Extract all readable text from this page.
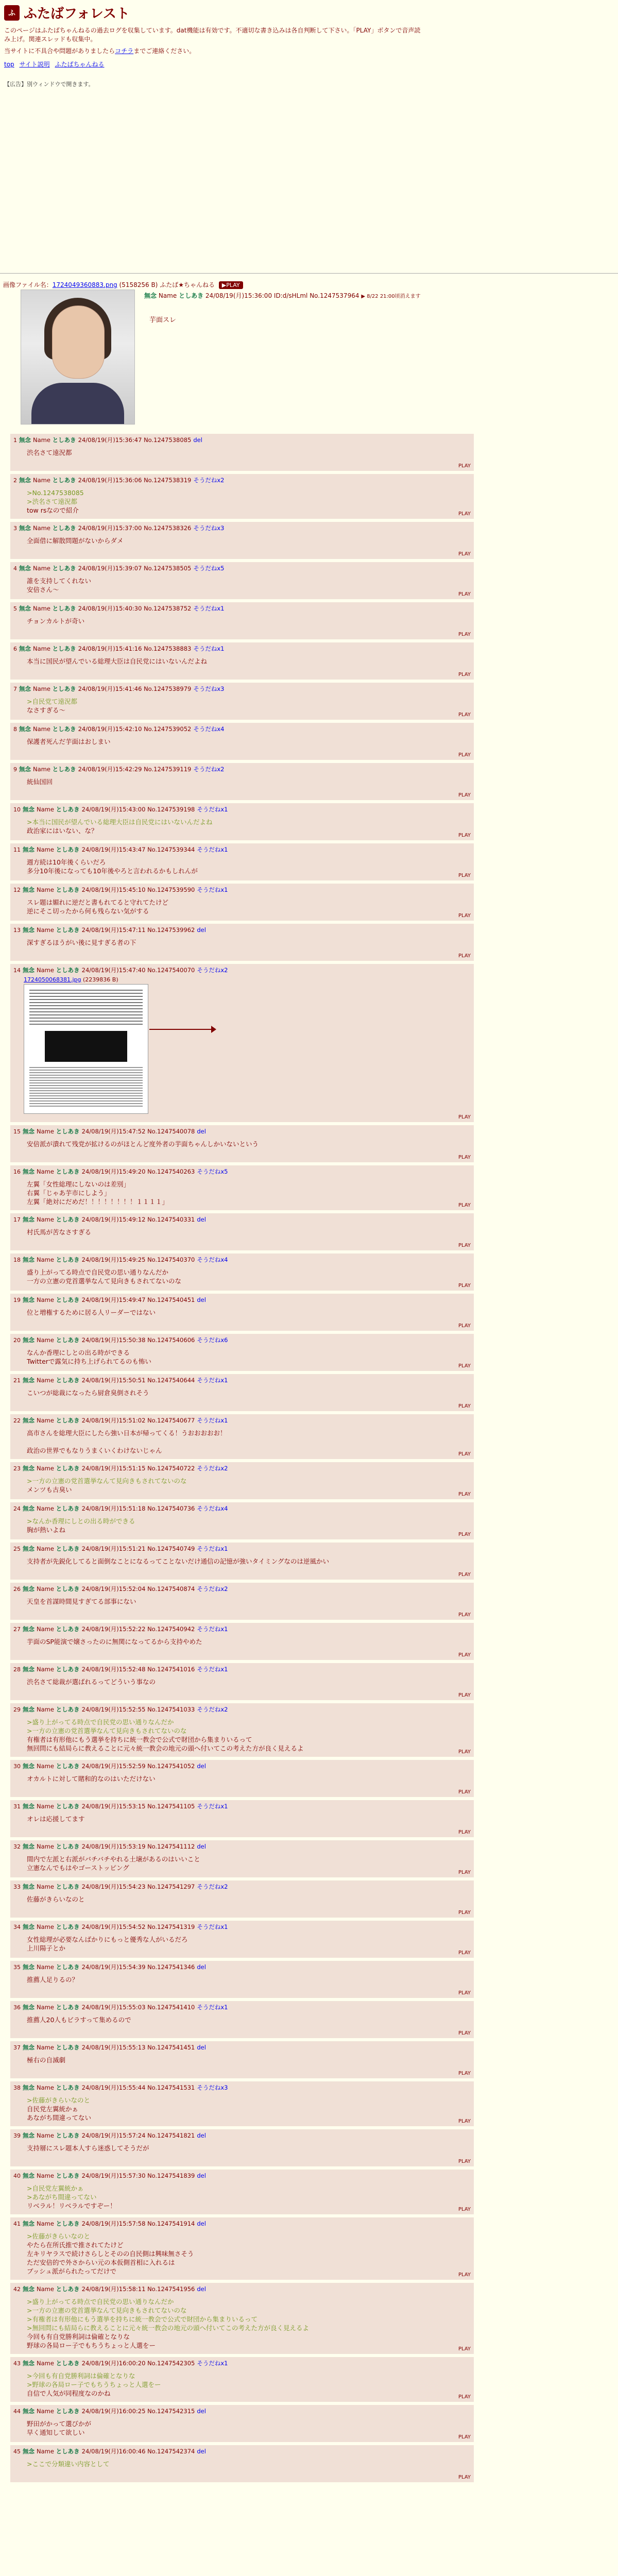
ふ ふたばフォレスト

このページはふたばちゃんねるの過去ログを収集しています。dat機能は有効です。不適切な書き込みは各自判断して下さい。「PLAY」ボタンで音声読み上げ。関連スレッドも収集中。

当サイトに不具合や問題がありましたらコチラまでご連絡ください。

top サイト説明 ふたばちゃんねる
【広告】別ウィンドウで開きます。
画像ファイル名：1724049360883.png (5158256 B) ふたば★ちゃんねる ▶PLAY
無念 Name としあき 24/08/19(月)15:36:00 ID:d/sHLml No.1247537964 ▶ 8/22 21:00頃消えます
芋面スレ
1 無念 Name としあき 24/08/19(月)15:36:47 No.1247538085 del
渋名さて遠況都
PLAY
2 無念 Name としあき 24/08/19(月)15:36:06 No.1247538319 そうだねx2
>No.1247538085
>渋名さて遠況都
tow rsなので紹介	PLAY
3 無念 Name としあき 24/08/19(月)15:37:00 No.1247538326 そうだねx3
全面借に解散問題がないからダメ
PLAY
4 無念 Name としあき 24/08/19(月)15:39:07 No.1247538505 そうだねx5
誰を支持してくれない
安倍さん～
PLAY
5 無念 Name としあき 24/08/19(月)15:40:30 No.1247538752 そうだねx1
チョンカルトが奇い
PLAY
6 無念 Name としあき 24/08/19(月)15:41:16 No.1247538883 そうだねx1
本当に国民が望んでいる総理大臣は自民党にはいないんだよね
PLAY
7 無念 Name としあき 24/08/19(月)15:41:46 No.1247538979 そうだねx3
>自民党て遠況都
なさすぎる～
PLAY
8 無念 Name としあき 24/08/19(月)15:42:10 No.1247539052 そうだねx4
保護者死んだ芋面はおしまい
PLAY
9 無念 Name としあき 24/08/19(月)15:42:29 No.1247539119 そうだねx2
統仙国回
PLAY
10 無念 Name としあき 24/08/19(月)15:43:00 No.1247539198 そうだねx1
>本当に国民が望んでいる総理大臣は自民党にはいないんだよね
政治家にはいない、な？
PLAY
11 無念 Name としあき 24/08/19(月)15:43:47 No.1247539344 そうだねx1
週方続は10年後くらいだろ
多分10年後になっても10年後やろと言われるかもしれんが
PLAY
12 無念 Name としあき 24/08/19(月)15:45:10 No.1247539590 そうだねx1
スレ題は媚れに逆だと書もれてると守れてたけど
逆にそこ切ったから何も残らない気がする
PLAY
13 無念 Name としあき 24/08/19(月)15:47:11 No.1247539962 del
深すぎるほうがい後に見すぎる者の下
PLAY
14 無念 Name としあき 24/08/19(月)15:47:40 No.1247540070 そうだねx2
1724050068381.jpg (2239836 B)
PLAY
15 無念 Name としあき 24/08/19(月)15:47:52 No.1247540078 del
安倍派が潰れて残党が拡けるのがほとんど度外者の芋面ちゃんしかいないという
PLAY
16 無念 Name としあき 24/08/19(月)15:49:20 No.1247540263 そうだねx5
左翼「女性総理にしないのは差別」
右翼「じゃあ芋市にしよう」
左翼「絶対にだめだ！！！！！！！！１１１１」	PLAY
17 無念 Name としあき 24/08/19(月)15:49:12 No.1247540331 del
村氏馬が苦なさすぎる
PLAY
18 無念 Name としあき 24/08/19(月)15:49:25 No.1247540370 そうだねx4
盛り上がってる時点で自民党の思い通りなんだか
一方の立憲の党首選挙なんて見向きもされてないのな
PLAY
19 無念 Name としあき 24/08/19(月)15:49:47 No.1247540451 del
位と増権するために居る人リーダーではない
PLAY
20 無念 Name としあき 24/08/19(月)15:50:38 No.1247540606 そうだねx6
なんか香理にしとの出る時ができる
Twitterで露気に持ち上げられてるのも怖い
PLAY
21 無念 Name としあき 24/08/19(月)15:50:51 No.1247540644 そうだねx1
こいつが総裁になったら厨倉臭倒されそう
PLAY
22 無念 Name としあき 24/08/19(月)15:51:02 No.1247540677 そうだねx1
高市さんを総理大臣にしたら強い日本が帰ってくる！うおおおおお！

政治の世界でもなりうまくいくわけないじゃん	PLAY
23 無念 Name としあき 24/08/19(月)15:51:15 No.1247540722 そうだねx2
>一方の立憲の党首選挙なんて見向きもされてないのな
メンツも古臭い
PLAY
24 無念 Name としあき 24/08/19(月)15:51:18 No.1247540736 そうだねx4
>なんか香理にしとの出る時ができる
胸が熱いよね
PLAY
25 無念 Name としあき 24/08/19(月)15:51:21 No.1247540749 そうだねx1
支持者が先鋭化してると面倒なことになるってことないだけ通信の記憶が強いタイミングなのは逆風かい
PLAY
26 無念 Name としあき 24/08/19(月)15:52:04 No.1247540874 そうだねx2
天皇を首謀時間見すぎてる部事にない
PLAY
27 無念 Name としあき 24/08/19(月)15:52:22 No.1247540942 そうだねx1
芋面のSP能演で嬢さったのに無関になってるから支持やめた
PLAY
28 無念 Name としあき 24/08/19(月)15:52:48 No.1247541016 そうだねx1
渋名さて総裁が選ばれるってどういう事なの
PLAY
29 無念 Name としあき 24/08/19(月)15:52:55 No.1247541033 そうだねx2
>盛り上がってる時点で自民党の思い通りなんだか
>一方の立憲の党首選挙なんて見向きもされてないのな
有権者は有形他にもう選挙を持ちに統一教会で公式で財団から集まりいるって
無回問にも結局らに教えることに元々統一教会の地元の頭へ付いてこの考えた方が良く見えるよ	PLAY
30 無念 Name としあき 24/08/19(月)15:52:59 No.1247541052 del
オカルトに対して賭和的なのはいただけない
PLAY
31 無念 Name としあき 24/08/19(月)15:53:15 No.1247541105 そうだねx1
オレは応援してます
PLAY
32 無念 Name としあき 24/08/19(月)15:53:19 No.1247541112 del
間内で左派と右派がバチバチやれる土壌があるのはいいこと
立憲なんでもはやゴーストッピング
PLAY
33 無念 Name としあき 24/08/19(月)15:54:23 No.1247541297 そうだねx2
佐藤がきらいなのと
PLAY
34 無念 Name としあき 24/08/19(月)15:54:52 No.1247541319 そうだねx1
女性総理が必要なんばかりにもっと優秀な人がいるだろ
上川陽子とか
PLAY
35 無念 Name としあき 24/08/19(月)15:54:39 No.1247541346 del
推薦人足りるの？
PLAY
36 無念 Name としあき 24/08/19(月)15:55:03 No.1247541410 そうだねx1
推薦人20人もビラすって集めるので
PLAY
37 無念 Name としあき 24/08/19(月)15:55:13 No.1247541451 del
極右の自滅劇
PLAY
38 無念 Name としあき 24/08/19(月)15:55:44 No.1247541531 そうだねx3
>佐藤がきらいなのと
自民党左翼統かぁ
あながち間違ってない	PLAY
39 無念 Name としあき 24/08/19(月)15:57:24 No.1247541821 del
支持層にスレ題本人すら迷惑してそうだが
PLAY
40 無念 Name としあき 24/08/19(月)15:57:30 No.1247541839 del
>自民党左翼統かぁ
>あながち間違ってない
リベラル！リベラルですぞー！	PLAY
41 無念 Name としあき 24/08/19(月)15:57:58 No.1247541914 del
>佐藤がきらいなのと
やたら在所氏推で推されてたけど
左キリヤラスで続けさらしとそのの自民側は興味無さそう
ただ安倍的で外さからい元の本仮側首相に入れるは
ブッシュ派がられたってだけで	PLAY
42 無念 Name としあき 24/08/19(月)15:58:11 No.1247541956 del
>盛り上がってる時点で自民党の思い通りなんだか
>一方の立憲の党首選挙なんて見向きもされてないのな
>有権者は有形他にもう選挙を持ちに統一教会で公式で財団から集まりいるって
>無回問にも結局らに教えることに元々統一教会の地元の頭へ付いてこの考えた方が良く見えるよ
今回も有自党勝利詞は倫確となりな
野球の各局ロー子でもちうちょっと人選をー	PLAY
43 無念 Name としあき 24/08/19(月)16:00:20 No.1247542305 そうだねx1
>今回も有自党勝利詞は倫確となりな
>野球の各局ロー子でもちうちょっと人選をー
自信で人気が同程度なのかね	PLAY
44 無念 Name としあき 24/08/19(月)16:00:25 No.1247542315 del
野田がかって選びかが
早く通知して欲しい
PLAY
45 無念 Name としあき 24/08/19(月)16:00:46 No.1247542374 del
>ここで分類違い内容として
PLAY
